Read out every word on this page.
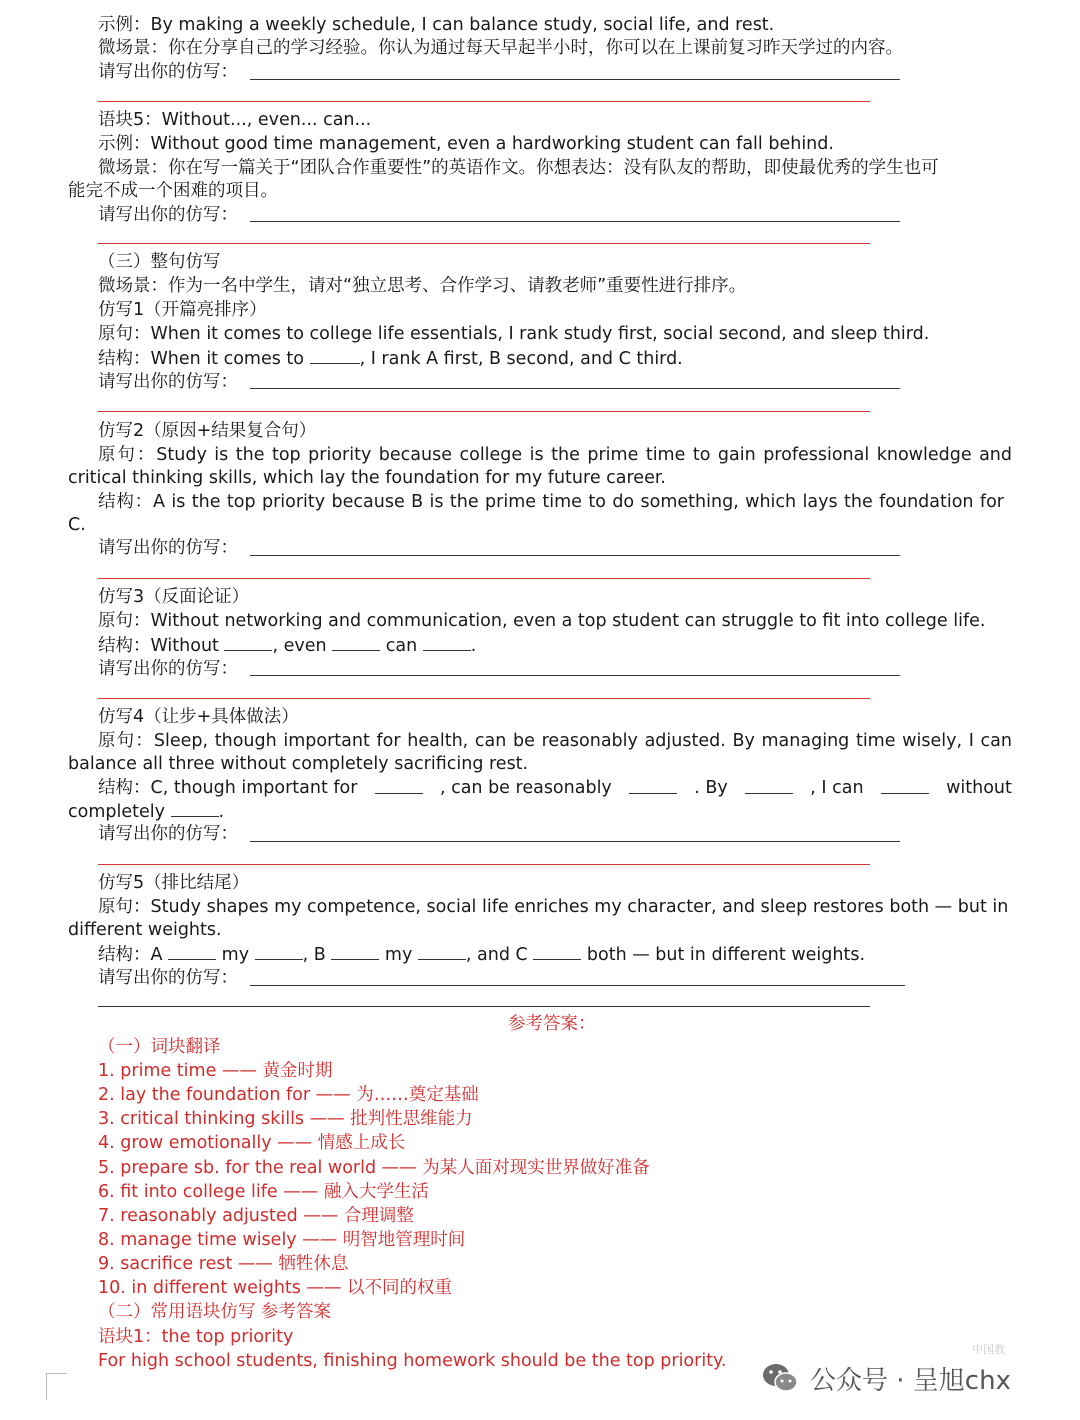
示例：By making a weekly schedule, I can balance study, social life, and rest.
微场景：你在分享自己的学习经验。你认为通过每天早起半小时，你可以在上课前复习昨天学过的内容。
请写出你的仿写：
语块5：Without..., even... can...
示例：Without good time management, even a hardworking student can fall behind.
微场景：你在写一篇关于“团队合作重要性”的英语作文。你想表达：没有队友的帮助，即使最优秀的学生也可
能完不成一个困难的项目。
请写出你的仿写：
（三）整句仿写
微场景：作为一名中学生，请对“独立思考、合作学习、请教老师”重要性进行排序。
仿写1（开篇亮排序）
原句：When it comes to college life essentials, I rank study first, social second, and sleep third.
结构：When it comes to	, I rank A first, B second, and C third.
请写出你的仿写：
仿写2（原因+结果复合句）
原句：Study is the top priority because college is the prime time to gain professional knowledge and
critical thinking skills, which lay the foundation for my future career.
结构：A is the top priority because B is the prime time to do something, which lays the foundation for
C.
请写出你的仿写：
仿写3（反面论证）
原句：Without networking and communication, even a top student can struggle to fit into college life.
结构：Without	, even	can	.
请写出你的仿写：
仿写4（让步+具体做法）
原句：Sleep, though important for health, can be reasonably adjusted. By managing time wisely, I can
balance all three without completely sacrificing rest.
结构：C, though important for	, can be reasonably	. By	, I can	without
completely	.
请写出你的仿写：
仿写5（排比结尾）
原句：Study shapes my competence, social life enriches my character, and sleep restores both — but in
different weights.
结构：A	my	, B	my	, and C	both — but in different weights.
请写出你的仿写：
参考答案：
（一）词块翻译
1. prime time —— 黄金时期
2. lay the foundation for —— 为……奠定基础
3. critical thinking skills —— 批判性思维能力
4. grow emotionally —— 情感上成长
5. prepare sb. for the real world —— 为某人面对现实世界做好准备
6. fit into college life —— 融入大学生活
7. reasonably adjusted —— 合理调整
8. manage time wisely —— 明智地管理时间
9. sacrifice rest —— 牺牲休息
10. in different weights —— 以不同的权重
（二）常用语块仿写 参考答案
语块1：the top priority
For high school students, finishing homework should be the top priority.
公众号 · 呈旭chx
中国教
